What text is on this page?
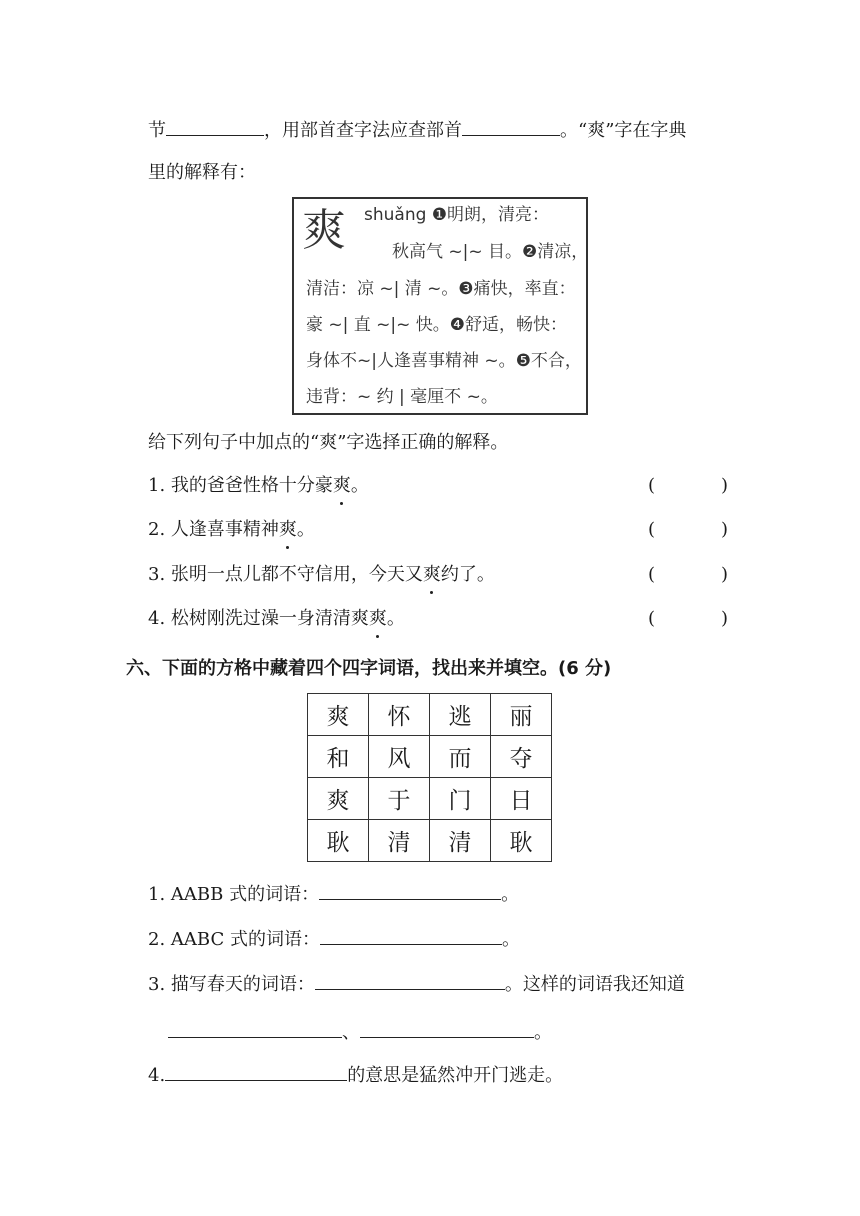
节	，用部首查字法应查部首	。“爽”字在字典
里的解释有：
爽 shuǎng ❶明朗，清亮：
秋高气 ~|~ 目。❷清凉，
清洁：凉 ~| 清 ~。❸痛快，率直：
豪 ~| 直 ~|~ 快。❹舒适，畅快：
身体不~|人逢喜事精神 ~。❺不合，
违背：~ 约 | 毫厘不 ~。
给下列句子中加点的“爽”字选择正确的解释。
1. 我的爸爸性格十分豪爽。	(	)
2. 人逢喜事精神爽。	(	)
3. 张明一点儿都不守信用，今天又爽约了。	(	)
4. 松树刚洗过澡一身清清爽爽。	(	)
六、下面的方格中藏着四个四字词语，找出来并填空。(6 分)
爽	怀	逃	丽
和	风	而	夺
爽	于	门	日
耿	清	清	耿
1. AABB 式的词语：	。
2. AABC 式的词语：	。
3. 描写春天的词语：	。这样的词语我还知道
、	。
4.	的意思是猛然冲开门逃走。
